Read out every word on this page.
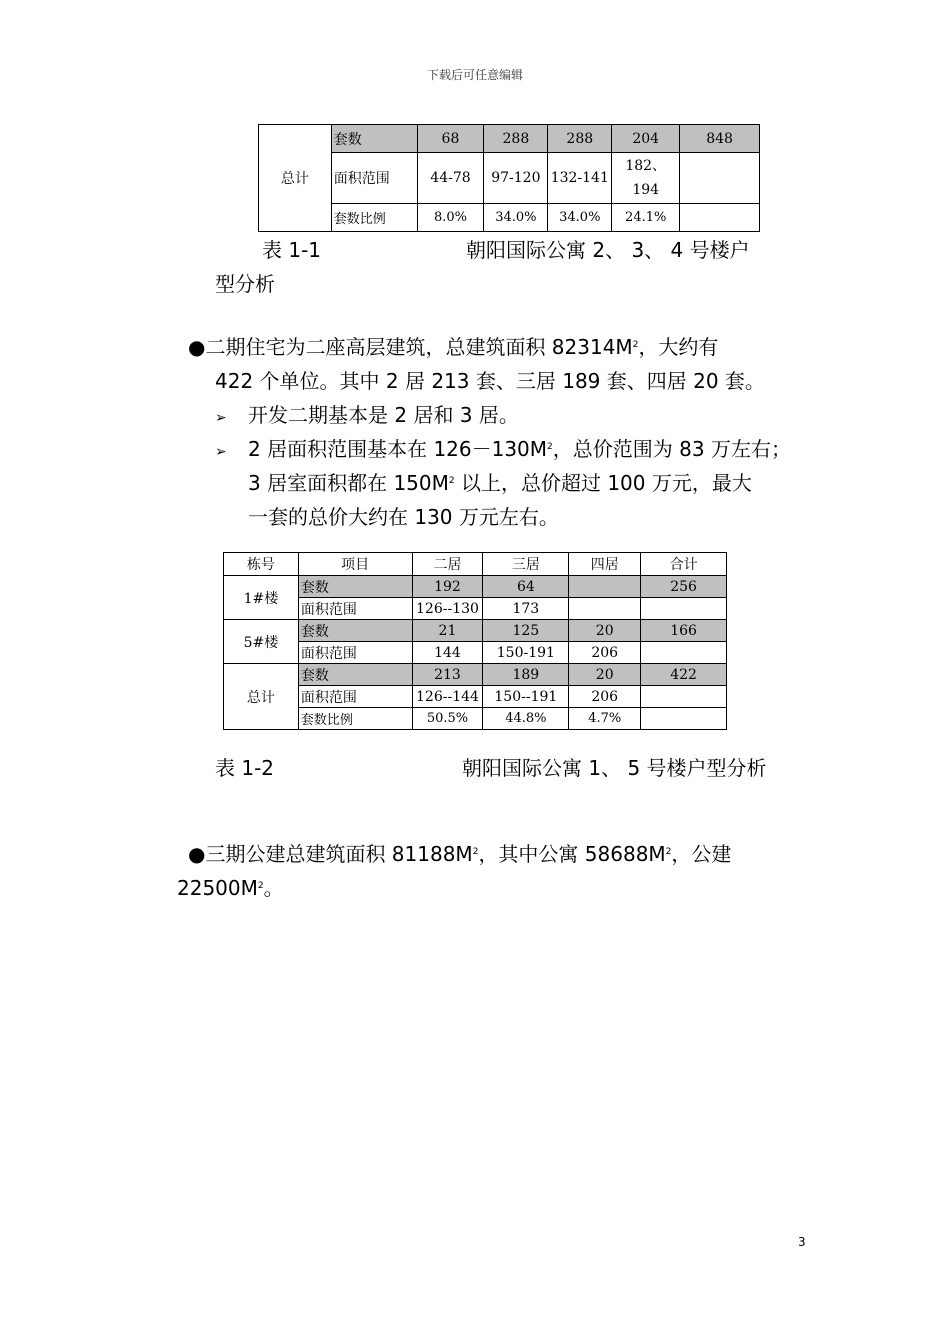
下载后可任意编辑
总计	套数	68	288	288	204	848
	面积范围	44-78	97-120	132-141	182、
194	

	套数比例	8.0%	34.0%	34.0%	24.1%	
表 1-1	朝阳国际公寓 2、 3、 4 号楼户
型分析
●二期住宅为二座高层建筑，总建筑面积 $82314M^2$，大约有
422 个单位。其中 2 居 213 套、三居 189 套、四居 20 套。
➢ 开发二期基本是 2 居和 3 居。
➢ 2 居面积范围基本在 $126-130M^2$，总价范围为 83 万左右；
3 居室面积都在 $150M^2$ 以上，总价超过 100 万元，最大
一套的总价大约在 130 万元左右。
栋号	项目	二居	三居	四居	合计
1#楼	套数	192	64		256
	面积范围	126--130	173		
5#楼	套数	21	125	20	166
	面积范围	144	150-191	206	
总计	套数	213	189	20	422
	面积范围	126--144	150--191	206	
	套数比例	50.5%	44.8%	4.7%	
表 1-2	朝阳国际公寓 1、 5 号楼户型分析
●三期公建总建筑面积 $81188M^2$，其中公寓 $58688M^2$，公建
$22500M^2$。
3
